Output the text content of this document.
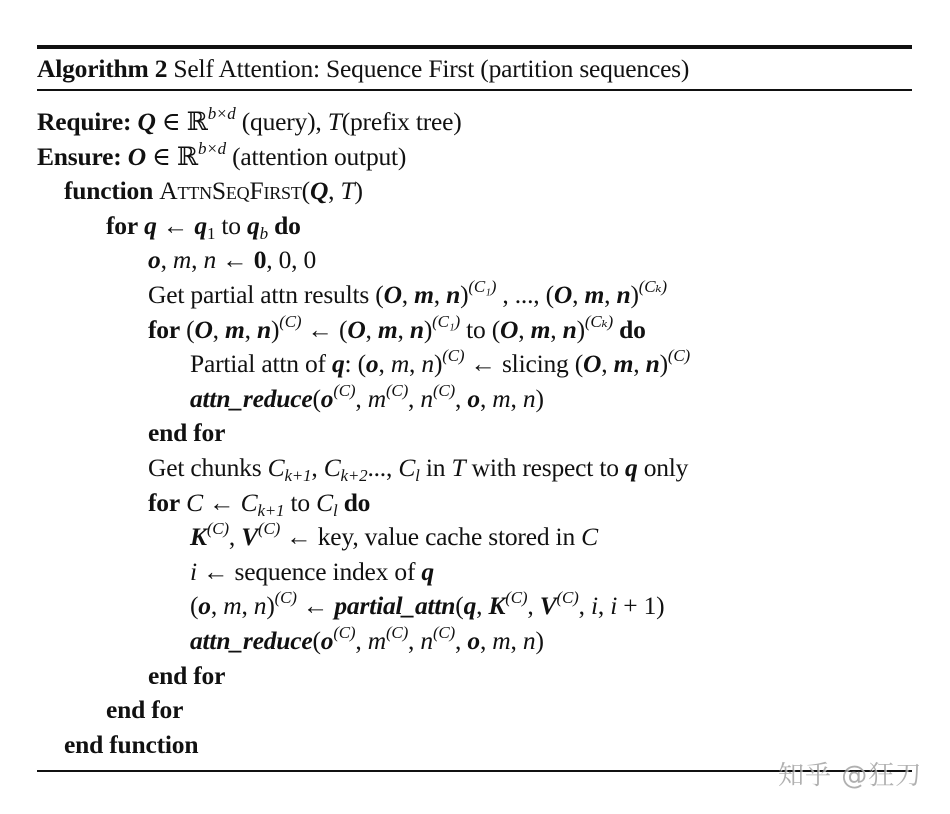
Algorithm 2 Self Attention: Sequence First (partition sequences)
Require: Q ∈ ℝ$^{b\times d}$ (query), T(prefix tree)
Ensure: O ∈ ℝ$^{b\times d}$ (attention output)
function AttnSeqFirst(Q, T)
for q ← $q_1$ to $q_b$ do
o, m, n ← 0, 0, 0
Get partial attn results (O, m, n)$^{(C_1)}$ , ..., (O, m, n)$^{(C_k)}$
for (O, m, n)$^{(C)}$ ← (O, m, n)$^{(C_1)}$ to (O, m, n)$^{(C_k)}$ do
Partial attn of q: (o, m, n)$^{(C)}$ ← slicing (O, m, n)$^{(C)}$
$attn\_reduce(o^{(C)}$, $m^{(C)}$, $n^{(C)}$, o, m, n)
end for
Get chunks $C_{k+1}$, $C_{k+2}$..., $C_l$ in T with respect to q only
for C ← $C_{k+1}$ to $C_l$ do
$K^{(C)}$, $V^{(C)}$ ← key, value cache stored in C
i ← sequence index of q
(o, m, n)$^{(C)}$ ← partial_attn(q, $K^{(C)}$, $V^{(C)}$, i, i + 1)
$attn\_reduce(o^{(C)}$, $m^{(C)}$, $n^{(C)}$, o, m, n)
end for
end for
end function
知乎 @狂刀
